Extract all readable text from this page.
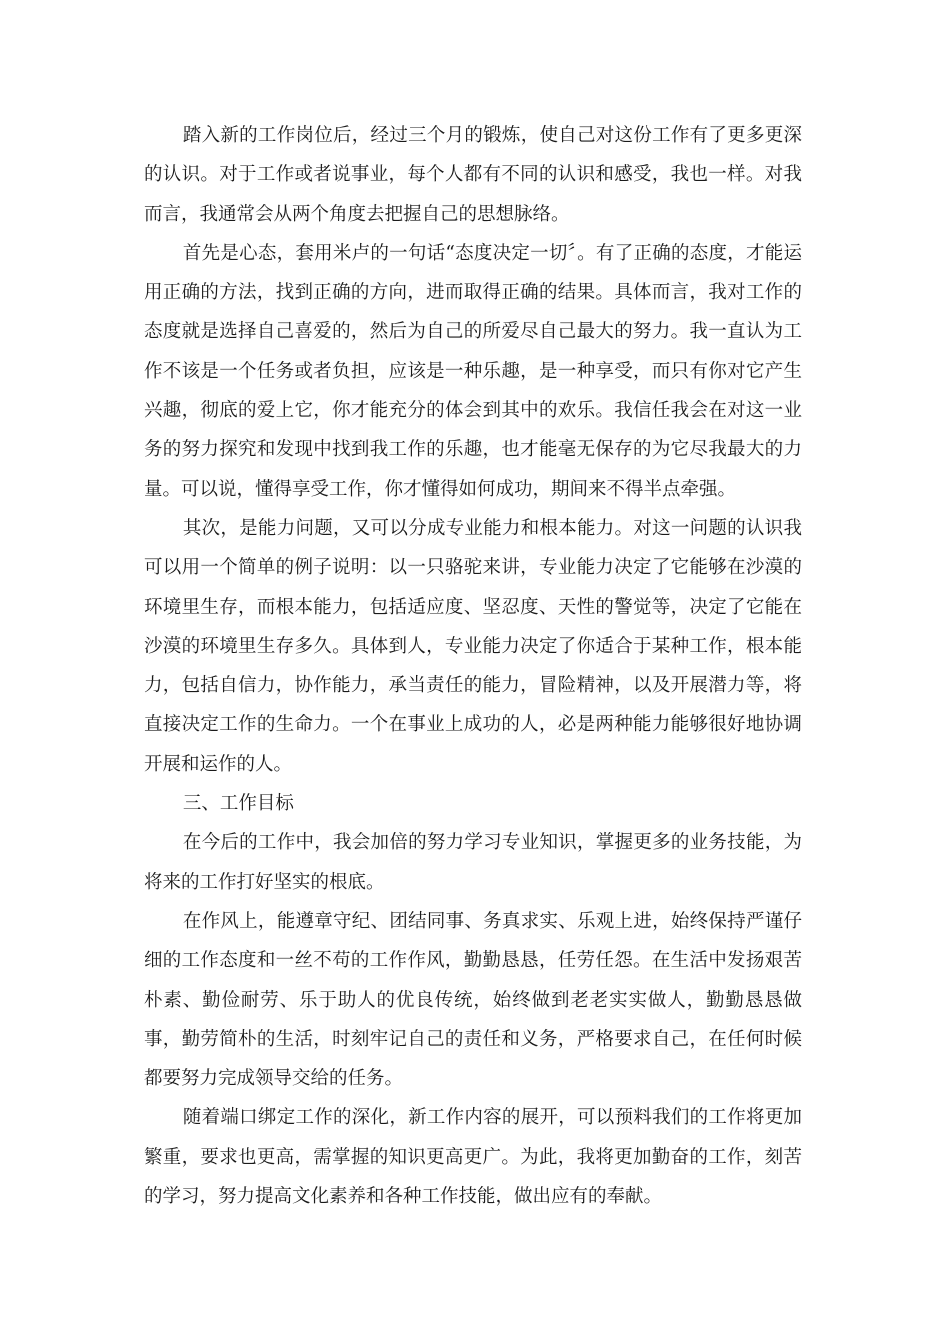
踏入新的工作岗位后，经过三个月的锻炼，使自己对这份工作有了更多更深的认识。对于工作或者说事业，每个人都有不同的认识和感受，我也一样。对我而言，我通常会从两个角度去把握自己的思想脉络。

首先是心态，套用米卢的一句话“态度决定一切〞。有了正确的态度，才能运用正确的方法，找到正确的方向，进而取得正确的结果。具体而言，我对工作的态度就是选择自己喜爱的，然后为自己的所爱尽自己最大的努力。我一直认为工作不该是一个任务或者负担，应该是一种乐趣，是一种享受，而只有你对它产生兴趣，彻底的爱上它，你才能充分的体会到其中的欢乐。我信任我会在对这一业务的努力探究和发现中找到我工作的乐趣，也才能毫无保存的为它尽我最大的力量。可以说，懂得享受工作，你才懂得如何成功，期间来不得半点牵强。

其次，是能力问题，又可以分成专业能力和根本能力。对这一问题的认识我可以用一个简单的例子说明：以一只骆驼来讲，专业能力决定了它能够在沙漠的环境里生存，而根本能力，包括适应度、坚忍度、天性的警觉等，决定了它能在沙漠的环境里生存多久。具体到人，专业能力决定了你适合于某种工作，根本能力，包括自信力，协作能力，承当责任的能力，冒险精神，以及开展潜力等，将直接决定工作的生命力。一个在事业上成功的人，必是两种能力能够很好地协调开展和运作的人。

三、工作目标

在今后的工作中，我会加倍的努力学习专业知识，掌握更多的业务技能，为将来的工作打好坚实的根底。

在作风上，能遵章守纪、团结同事、务真求实、乐观上进，始终保持严谨仔细的工作态度和一丝不苟的工作作风，勤勤恳恳，任劳任怨。在生活中发扬艰苦朴素、勤俭耐劳、乐于助人的优良传统，始终做到老老实实做人，勤勤恳恳做事，勤劳简朴的生活，时刻牢记自己的责任和义务，严格要求自己，在任何时候都要努力完成领导交给的任务。

随着端口绑定工作的深化，新工作内容的展开，可以预料我们的工作将更加繁重，要求也更高，需掌握的知识更高更广。为此，我将更加勤奋的工作，刻苦的学习，努力提高文化素养和各种工作技能，做出应有的奉献。
